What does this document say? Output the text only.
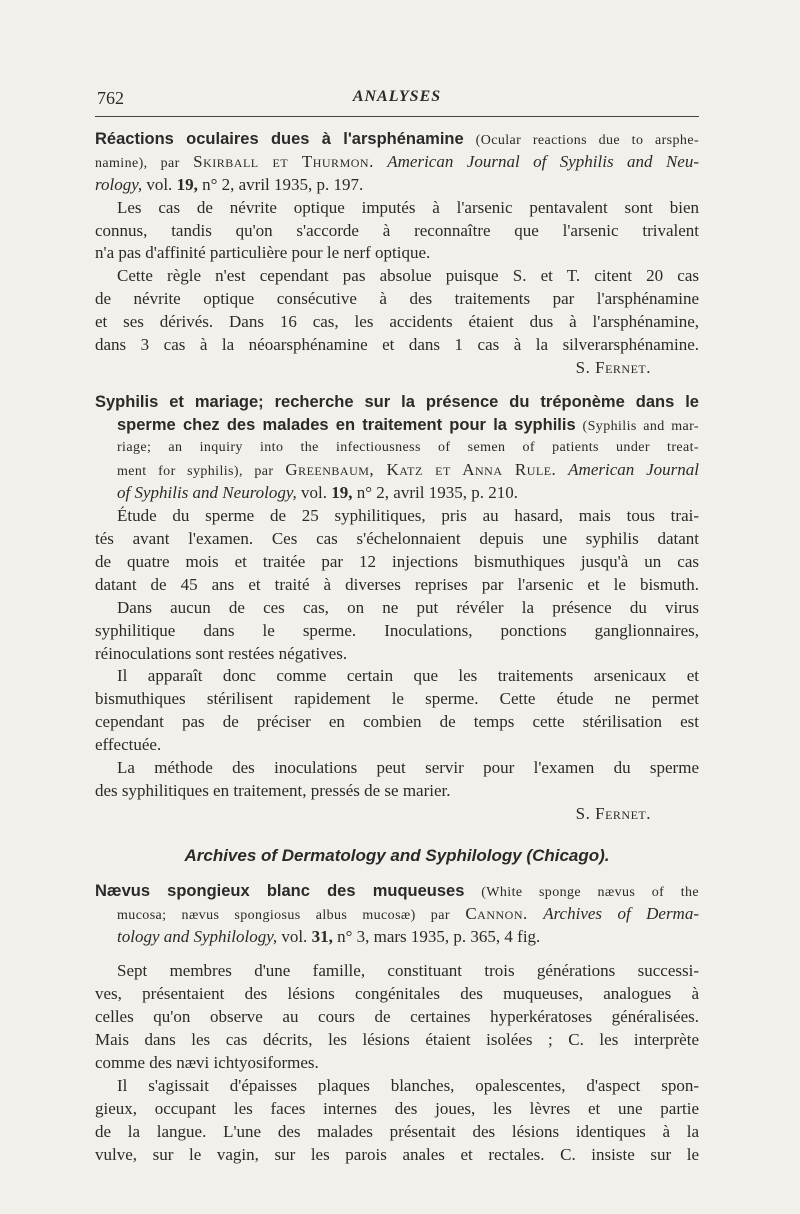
762	ANALYSES
Réactions oculaires dues à l'arsphénamine (Ocular reactions due to arsphe-
namine), par Skirball et Thurmon. American Journal of Syphilis and Neu-
rology, vol. 19, n° 2, avril 1935, p. 197.
Les cas de névrite optique imputés à l'arsenic pentavalent sont bien
connus, tandis qu'on s'accorde à reconnaître que l'arsenic trivalent
n'a pas d'affinité particulière pour le nerf optique.
Cette règle n'est cependant pas absolue puisque S. et T. citent 20 cas
de névrite optique consécutive à des traitements par l'arsphénamine
et ses dérivés. Dans 16 cas, les accidents étaient dus à l'arsphénamine,
dans 3 cas à la néoarsphénamine et dans 1 cas à la silverarsphénamine.
S. Fernet.
Syphilis et mariage; recherche sur la présence du tréponème dans le
sperme chez des malades en traitement pour la syphilis (Syphilis and mar-
riage; an inquiry into the infectiousness of semen of patients under treat-
ment for syphilis), par Greenbaum, Katz et Anna Rule. American Journal
of Syphilis and Neurology, vol. 19, n° 2, avril 1935, p. 210.
Étude du sperme de 25 syphilitiques, pris au hasard, mais tous trai-
tés avant l'examen. Ces cas s'échelonnaient depuis une syphilis datant
de quatre mois et traitée par 12 injections bismuthiques jusqu'à un cas
datant de 45 ans et traité à diverses reprises par l'arsenic et le bismuth.
Dans aucun de ces cas, on ne put révéler la présence du virus
syphilitique dans le sperme. Inoculations, ponctions ganglionnaires,
réinoculations sont restées négatives.
Il apparaît donc comme certain que les traitements arsenicaux et
bismuthiques stérilisent rapidement le sperme. Cette étude ne permet
cependant pas de préciser en combien de temps cette stérilisation est
effectuée.
La méthode des inoculations peut servir pour l'examen du sperme
des syphilitiques en traitement, pressés de se marier.
S. Fernet.
Archives of Dermatology and Syphilology (Chicago).
Nævus spongieux blanc des muqueuses (White sponge nævus of the
mucosa; nævus spongiosus albus mucosæ) par Cannon. Archives of Derma-
tology and Syphilology, vol. 31, n° 3, mars 1935, p. 365, 4 fig.
Sept membres d'une famille, constituant trois générations successi-
ves, présentaient des lésions congénitales des muqueuses, analogues à
celles qu'on observe au cours de certaines hyperkératoses généralisées.
Mais dans les cas décrits, les lésions étaient isolées ; C. les interprète
comme des nævi ichtyosiformes.
Il s'agissait d'épaisses plaques blanches, opalescentes, d'aspect spon-
gieux, occupant les faces internes des joues, les lèvres et une partie
de la langue. L'une des malades présentait des lésions identiques à la
vulve, sur le vagin, sur les parois anales et rectales. C. insiste sur le
